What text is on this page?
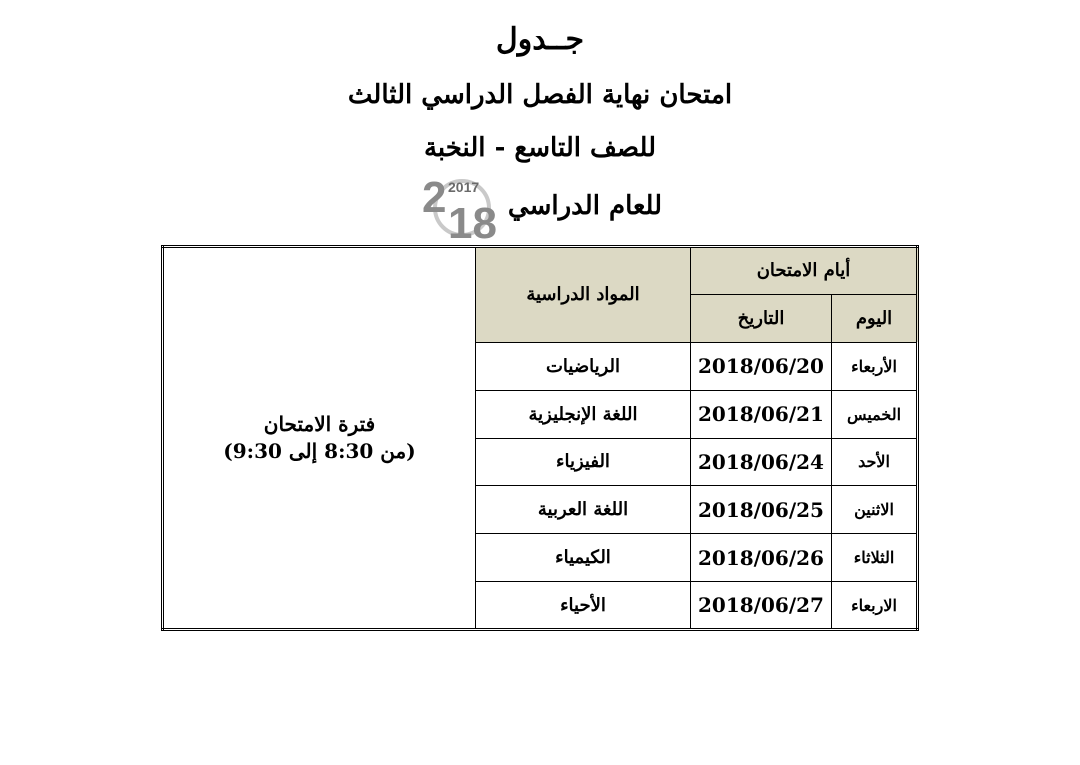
جــدول
امتحان نهاية الفصل الدراسي الثالث
للصف التاسع - النخبة
2 2017
18 للعام الدراسي
أيام الامتحان		المواد الدراسية	فترة الامتحان
(من 8:30 إلى 9:30)

اليوم	التاريخ		
الأربعاء	2018/06/20	الرياضيات	
الخميس	2018/06/21	اللغة الإنجليزية	
الأحد	2018/06/24	الفيزياء	
الاثنين	2018/06/25	اللغة العربية	
الثلاثاء	2018/06/26	الكيمياء	
الاربعاء	2018/06/27	الأحياء	
